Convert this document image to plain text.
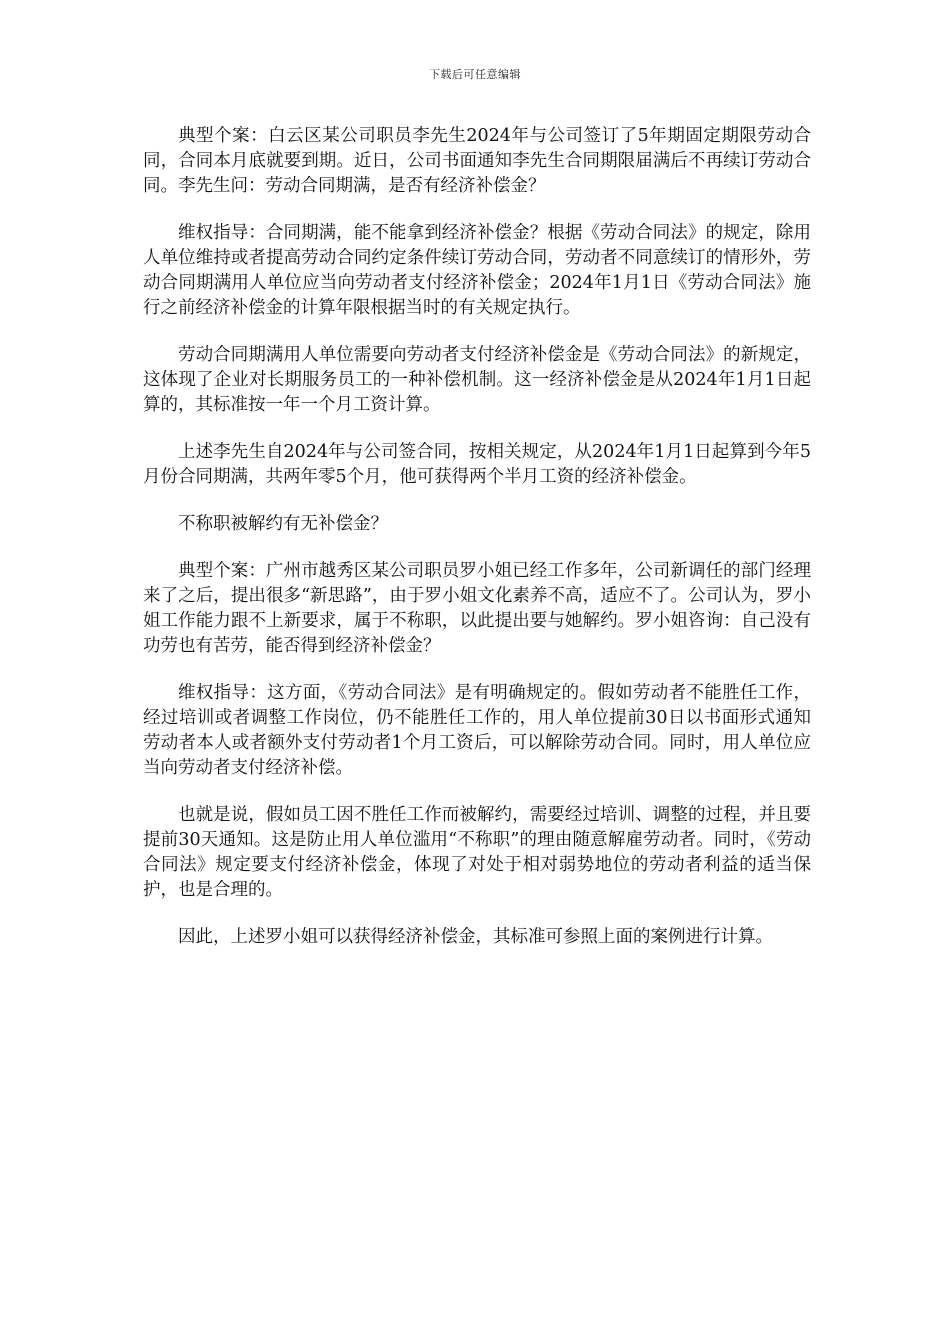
下载后可任意编辑

典型个案：白云区某公司职员李先生2024年与公司签订了5年期固定期限劳动合同，合同本月底就要到期。近日，公司书面通知李先生合同期限届满后不再续订劳动合同。李先生问：劳动合同期满，是否有经济补偿金？

维权指导：合同期满，能不能拿到经济补偿金？根据《劳动合同法》的规定，除用人单位维持或者提高劳动合同约定条件续订劳动合同，劳动者不同意续订的情形外，劳动合同期满用人单位应当向劳动者支付经济补偿金；2024年1月1日《劳动合同法》施行之前经济补偿金的计算年限根据当时的有关规定执行。

劳动合同期满用人单位需要向劳动者支付经济补偿金是《劳动合同法》的新规定，这体现了企业对长期服务员工的一种补偿机制。这一经济补偿金是从2024年1月1日起算的，其标准按一年一个月工资计算。

上述李先生自2024年与公司签合同，按相关规定，从2024年1月1日起算到今年5月份合同期满，共两年零5个月，他可获得两个半月工资的经济补偿金。

不称职被解约有无补偿金？

典型个案：广州市越秀区某公司职员罗小姐已经工作多年，公司新调任的部门经理来了之后，提出很多“新思路”，由于罗小姐文化素养不高，适应不了。公司认为，罗小姐工作能力跟不上新要求，属于不称职，以此提出要与她解约。罗小姐咨询：自己没有功劳也有苦劳，能否得到经济补偿金？

维权指导：这方面，《劳动合同法》是有明确规定的。假如劳动者不能胜任工作，经过培训或者调整工作岗位，仍不能胜任工作的，用人单位提前30日以书面形式通知劳动者本人或者额外支付劳动者1个月工资后，可以解除劳动合同。同时，用人单位应当向劳动者支付经济补偿。

也就是说，假如员工因不胜任工作而被解约，需要经过培训、调整的过程，并且要提前30天通知。这是防止用人单位滥用“不称职”的理由随意解雇劳动者。同时，《劳动合同法》规定要支付经济补偿金，体现了对处于相对弱势地位的劳动者利益的适当保护，也是合理的。

因此，上述罗小姐可以获得经济补偿金，其标准可参照上面的案例进行计算。
